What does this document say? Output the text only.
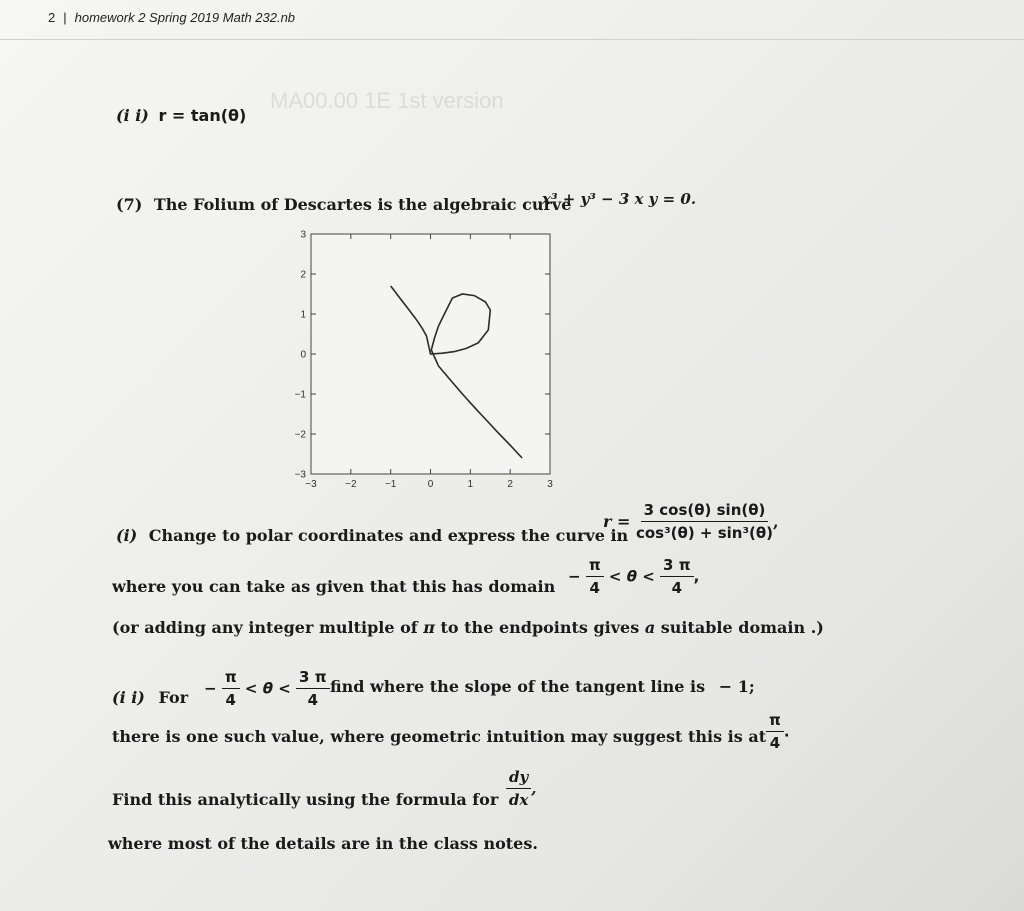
2 | homework 2 Spring 2019 Math 232.nb
MA00.00 1E 1st version
(i i) r = tan(θ)
(7) The Folium of Descartes is the algebraic curve
x³ + y³ − 3 x y = 0.
−3	−2	−1	0	1	2	3
3
2
1
0
−1
−2
−3
(i) Change to polar coordinates and express the curve in
$r = \frac{3 \cos(\theta) \sin(\theta)}{\text{cos³(θ) + sin³(θ)}}$ ,
where you can take as given that this has domain
− $\frac{\pi}{4} < \theta < \frac{3 \pi}{4}$ ,
(or adding any integer multiple of π to the endpoints gives a suitable domain .)
(i i) For − $\frac{\pi}{4} < \theta < \frac{3 \pi}{4}$ find where the slope of the tangent line is − 1;
there is one such value, where geometric intuition may suggest this is at $\frac{\pi}{4}$ .
Find this analytically using the formula for $\frac{dy}{dx}$ ,
where most of the details are in the class notes.
